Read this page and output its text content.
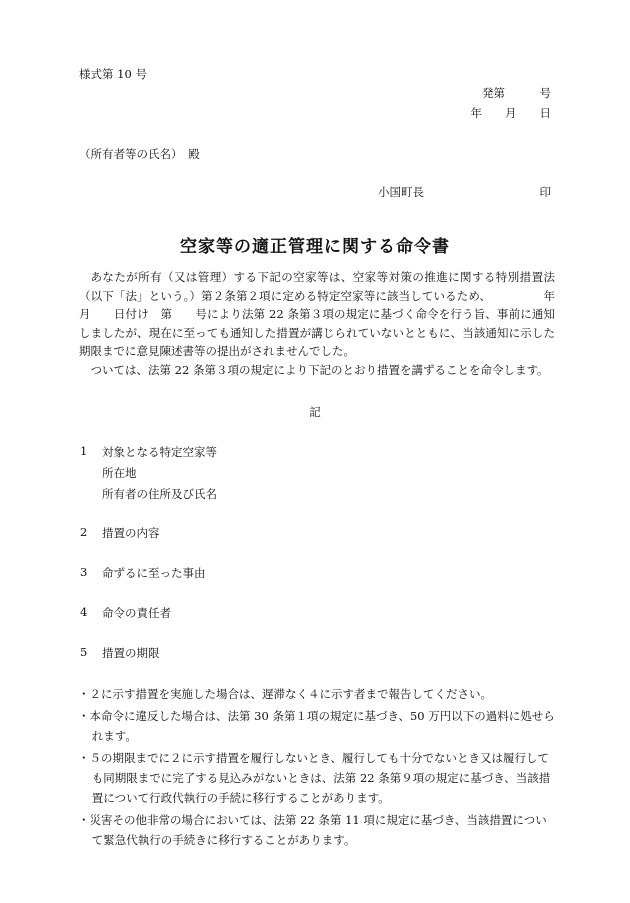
様式第 10 号
発第　　　号
年　　月　　日
（所有者等の氏名）　殿
小国町長	印
空家等の適正管理に関する命令書

あなたが所有（又は管理）する下記の空家等は、空家等対策の推進に関する特別措置法（以下「法」という。）第２条第２項に定める特定空家等に該当しているため、　　　　　年　　月　　日付け　第　　号により法第 22 条第３項の規定に基づく命令を行う旨、事前に通知しましたが、現在に至っても通知した措置が講じられていないとともに、当該通知に示した期限までに意見陳述書等の提出がされませんでした。

ついては、法第 22 条第３項の規定により下記のとおり措置を講ずることを命令します。

記
1 対象となる特定空家等
所在地
所有者の住所及び氏名
2 措置の内容
3 命ずるに至った事由
4 命令の責任者
5 措置の期限

・２に示す措置を実施した場合は、遅滞なく４に示す者まで報告してください。

・本命令に違反した場合は、法第 30 条第１項の規定に基づき、50 万円以下の過料に処せられます。

・５の期限までに２に示す措置を履行しないとき、履行しても十分でないとき又は履行しても同期限までに完了する見込みがないときは、法第 22 条第９項の規定に基づき、当該措置について行政代執行の手続に移行することがあります。

・災害その他非常の場合においては、法第 22 条第 11 項に規定に基づき、当該措置について緊急代執行の手続きに移行することがあります。
